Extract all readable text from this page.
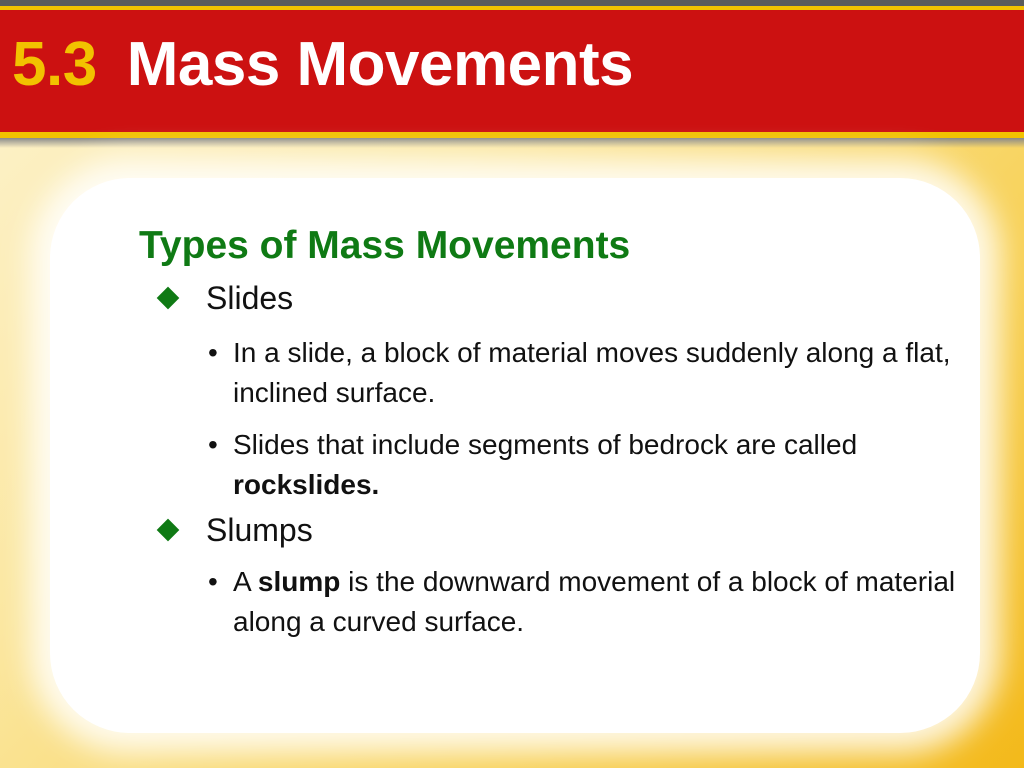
5.3 Mass Movements
Types of Mass Movements
Slides
• In a slide, a block of material moves suddenly along a flat, inclined surface.
• Slides that include segments of bedrock are called rockslides.
Slumps
• A slump is the downward movement of a block of material along a curved surface.
